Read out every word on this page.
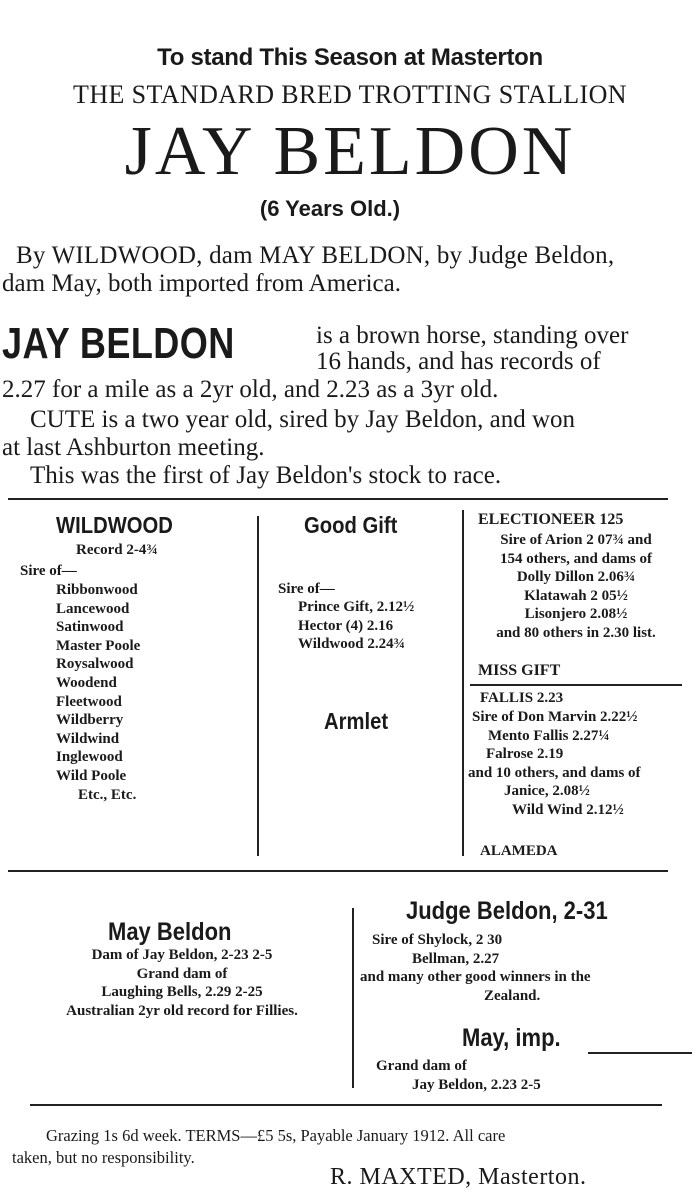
To stand This Season at Masterton
THE STANDARD BRED TROTTING STALLION
JAY BELDON
(6 Years Old.)
By WILDWOOD, dam MAY BELDON, by Judge Beldon,
dam May, both imported from America.
JAY BELDON	is a brown horse, standing over
16 hands, and has records of
2.27 for a mile as a 2yr old, and 2.23 as a 3yr old.
CUTE is a two year old, sired by Jay Beldon, and won
at last Ashburton meeting.
This was the first of Jay Beldon's stock to race.
WILDWOOD
Record 2-4¾
Sire of—
Ribbonwood
Lancewood
Satinwood
Master Poole
Roysalwood
Woodend
Fleetwood
Wildberry
Wildwind
Inglewood
Wild Poole
Etc., Etc.
Good Gift
Sire of—
Prince Gift, 2.12½
Hector (4) 2.16
Wildwood 2.24¾
Armlet
ELECTIONEER 125
Sire of Arion 2 07¾ and
154 others, and dams of
Dolly Dillon 2.06¾
Klatawah 2 05½
Lisonjero 2.08½
and 80 others in 2.30 list.
MISS GIFT
FALLIS 2.23
Sire of Don Marvin 2.22½
Mento Fallis 2.27¼
Falrose 2.19
and 10 others, and dams of
Janice, 2.08½
Wild Wind 2.12½
ALAMEDA
May Beldon
Dam of Jay Beldon, 2-23 2-5
Grand dam of
Laughing Bells, 2.29 2-25
Australian 2yr old record for Fillies.
Judge Beldon, 2-31
Sire of Shylock, 2 30
Bellman, 2.27
and many other good winners in the
Zealand.
May, imp.
Grand dam of
Jay Beldon, 2.23 2-5
Grazing 1s 6d week. TERMS—£5 5s, Payable January 1912. All care
taken, but no responsibility.
R. MAXTED, Masterton.
